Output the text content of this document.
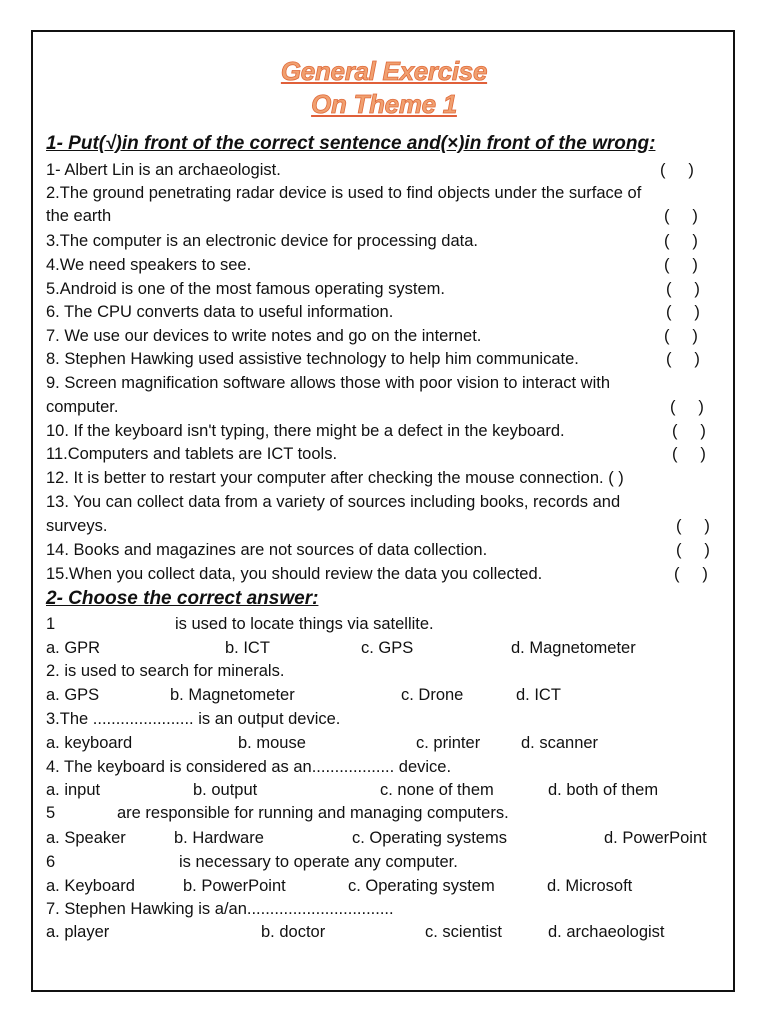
General Exercise
On Theme 1
1- Put(√)in front of the correct sentence and(×)in front of the wrong:
1- Albert Lin is an archaeologist.	(     )
2.The ground penetrating radar device is used to find objects under the surface of
the earth	(     )
3.The computer is an electronic device for processing data.	(     )
4.We need speakers to see.	(     )
5.Android is one of the most famous operating system.	(     )
6. The CPU converts data to useful information.	(     )
7. We use our devices to write notes and go on the internet.	(     )
8. Stephen Hawking used assistive technology to help him communicate.	(     )
9. Screen magnification software allows those with poor vision to interact with
computer.	(     )
10. If the keyboard isn't typing, there might be a defect in the keyboard.	(     )
11.Computers and tablets are ICT tools.	(     )
12. It is better to restart your computer after checking the mouse connection. ( )
13. You can collect data from a variety of sources including books, records and
surveys.	(     )
14. Books and magazines are not sources of data collection.	(     )
15.When you collect data, you should review the data you collected.	(     )
2- Choose the correct answer:
1	is used to locate things via satellite.
a. GPR	b. ICT	c. GPS	d. Magnetometer
2. is used to search for minerals.
a. GPS	b. Magnetometer	c. Drone	d. ICT
3.The ...................... is an output device.
a. keyboard	b. mouse	c. printer d. scanner
4. The keyboard is considered as an.................. device.
a. input	b. output	c. none of them	d. both of them
5	are responsible for running and managing computers.
a. Speaker	b. Hardware	c. Operating systems	d. PowerPoint
6	is necessary to operate any computer.
a. Keyboard	b. PowerPoint	c. Operating system	d. Microsoft
7. Stephen Hawking is a/an................................
a. player	b. doctor	c. scientist	d. archaeologist
